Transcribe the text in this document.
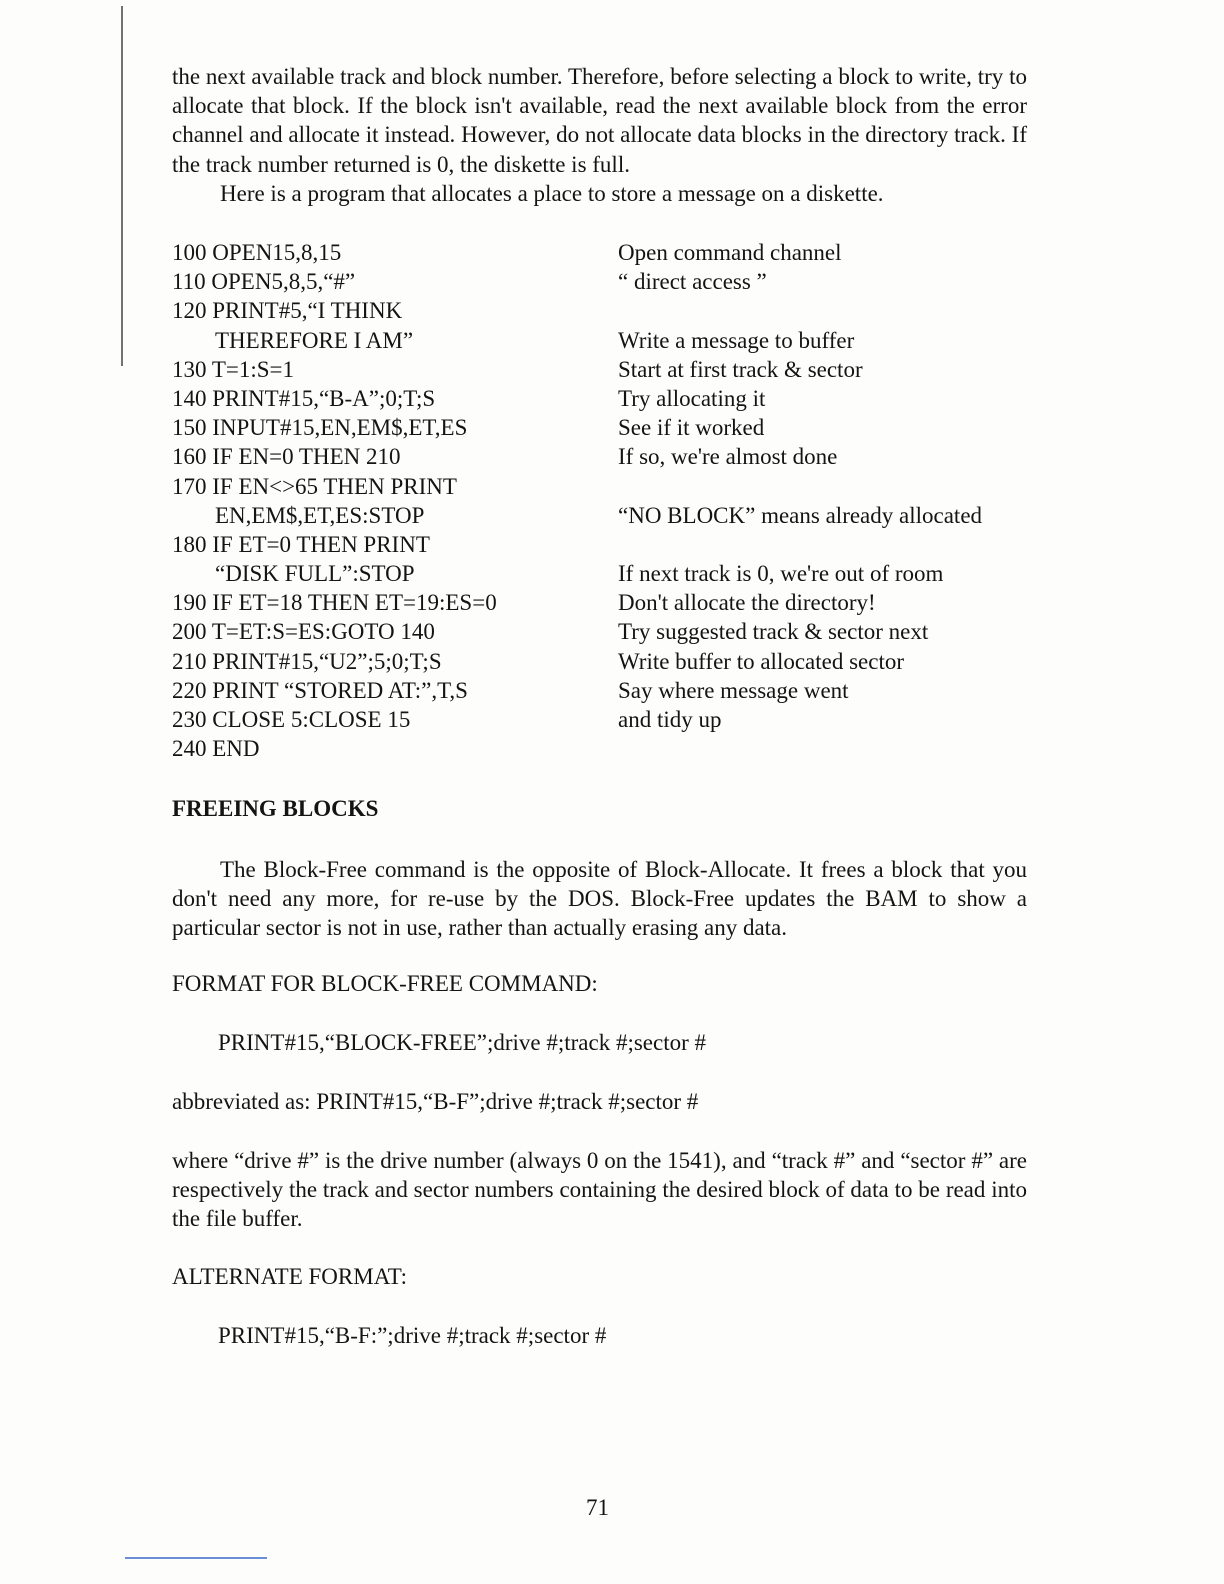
the next available track and block number. Therefore, before selecting a block to write, try to allocate that block. If the block isn't available, read the next available block from the error channel and allocate it instead. However, do not allocate data blocks in the directory track. If the track number returned is 0, the diskette is full.
Here is a program that allocates a place to store a message on a diskette.
100 OPEN15,8,15	Open command channel
110 OPEN5,8,5,“#”	“ direct access ”
120 PRINT#5,“I THINK
THEREFORE I AM”	Write a message to buffer
130 T=1:S=1	Start at first track & sector
140 PRINT#15,“B-A”;0;T;S	Try allocating it
150 INPUT#15,EN,EM$,ET,ES	See if it worked
160 IF EN=0 THEN 210	If so, we're almost done
170 IF EN<>65 THEN PRINT
EN,EM$,ET,ES:STOP	“NO BLOCK” means already allocated
180 IF ET=0 THEN PRINT
“DISK FULL”:STOP	If next track is 0, we're out of room
190 IF ET=18 THEN ET=19:ES=0	Don't allocate the directory!
200 T=ET:S=ES:GOTO 140	Try suggested track & sector next
210 PRINT#15,“U2”;5;0;T;S	Write buffer to allocated sector
220 PRINT “STORED AT:”,T,S	Say where message went
230 CLOSE 5:CLOSE 15	and tidy up
240 END
FREEING BLOCKS
The Block-Free command is the opposite of Block-Allocate. It frees a block that you don't need any more, for re-use by the DOS. Block-Free updates the BAM to show a particular sector is not in use, rather than actually erasing any data.
FORMAT FOR BLOCK-FREE COMMAND:
PRINT#15,“BLOCK-FREE”;drive #;track #;sector #
abbreviated as: PRINT#15,“B-F”;drive #;track #;sector #
where “drive #” is the drive number (always 0 on the 1541), and “track #” and “sector #” are respectively the track and sector numbers containing the desired block of data to be read into the file buffer.
ALTERNATE FORMAT:
PRINT#15,“B-F:”;drive #;track #;sector #
71
